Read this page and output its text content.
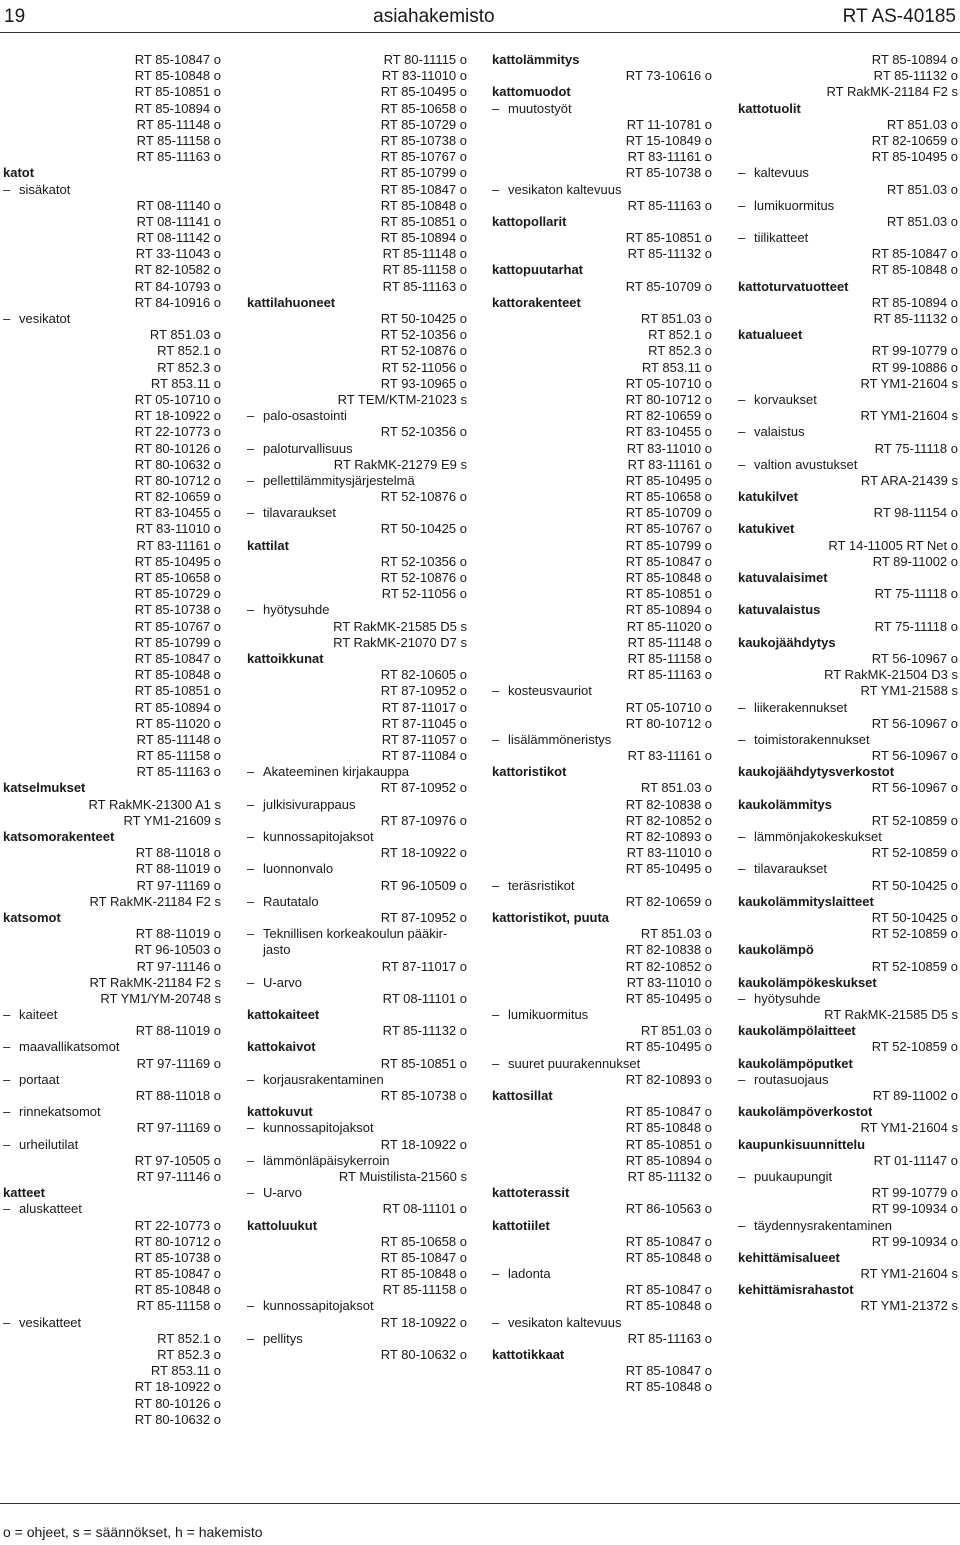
19	asiahakemisto	RT AS-40185
RT 85-10847 o
RT 85-10848 o
RT 85-10851 o
RT 85-10894 o
RT 85-11148 o
RT 85-11158 o
RT 85-11163 o
katot
– sisäkatot
RT 08-11140 o
RT 08-11141 o
RT 08-11142 o
RT 33-11043 o
RT 82-10582 o
RT 84-10793 o
RT 84-10916 o
– vesikatot
RT 851.03 o
RT 852.1 o
RT 852.3 o
RT 853.11 o
RT 05-10710 o
RT 18-10922 o
RT 22-10773 o
RT 80-10126 o
RT 80-10632 o
RT 80-10712 o
RT 82-10659 o
RT 83-10455 o
RT 83-11010 o
RT 83-11161 o
RT 85-10495 o
RT 85-10658 o
RT 85-10729 o
RT 85-10738 o
RT 85-10767 o
RT 85-10799 o
RT 85-10847 o
RT 85-10848 o
RT 85-10851 o
RT 85-10894 o
RT 85-11020 o
RT 85-11148 o
RT 85-11158 o
RT 85-11163 o
katselmukset
RT RakMK-21300 A1 s
RT YM1-21609 s
katsomorakenteet
RT 88-11018 o
RT 88-11019 o
RT 97-11169 o
RT RakMK-21184 F2 s
katsomot
RT 88-11019 o
RT 96-10503 o
RT 97-11146 o
RT RakMK-21184 F2 s
RT YM1/YM-20748 s
– kaiteet
RT 88-11019 o
– maavallikatsomot
RT 97-11169 o
– portaat
RT 88-11018 o
– rinnekatsomot
RT 97-11169 o
– urheilutilat
RT 97-10505 o
RT 97-11146 o
katteet
– aluskatteet
RT 22-10773 o
RT 80-10712 o
RT 85-10738 o
RT 85-10847 o
RT 85-10848 o
RT 85-11158 o
– vesikatteet
RT 852.1 o
RT 852.3 o
RT 853.11 o
RT 18-10922 o
RT 80-10126 o
RT 80-10632 o
RT 80-11115 o
RT 83-11010 o
RT 85-10495 o
RT 85-10658 o
RT 85-10729 o
RT 85-10738 o
RT 85-10767 o
RT 85-10799 o
RT 85-10847 o
RT 85-10848 o
RT 85-10851 o
RT 85-10894 o
RT 85-11148 o
RT 85-11158 o
RT 85-11163 o
kattilahuoneet
RT 50-10425 o
RT 52-10356 o
RT 52-10876 o
RT 52-11056 o
RT 93-10965 o
RT TEM/KTM-21023 s
– palo-osastointi
RT 52-10356 o
– paloturvallisuus
RT RakMK-21279 E9 s
– pellettilämmitysjärjestelmä
RT 52-10876 o
– tilavaraukset
RT 50-10425 o
kattilat
RT 52-10356 o
RT 52-10876 o
RT 52-11056 o
– hyötysuhde
RT RakMK-21585 D5 s
RT RakMK-21070 D7 s
kattoikkunat
RT 82-10605 o
RT 87-10952 o
RT 87-11017 o
RT 87-11045 o
RT 87-11057 o
RT 87-11084 o
– Akateeminen kirjakauppa
RT 87-10952 o
– julkisivurappaus
RT 87-10976 o
– kunnossapitojaksot
RT 18-10922 o
– luonnonvalo
RT 96-10509 o
– Rautatalo
RT 87-10952 o
– Teknillisen korkeakoulun pääkir-
jasto
RT 87-11017 o
– U-arvo
RT 08-11101 o
kattokaiteet
RT 85-11132 o
kattokaivot
RT 85-10851 o
– korjausrakentaminen
RT 85-10738 o
kattokuvut
– kunnossapitojaksot
RT 18-10922 o
– lämmönläpäisykerroin
RT Muistilista-21560 s
– U-arvo
RT 08-11101 o
kattoluukut
RT 85-10658 o
RT 85-10847 o
RT 85-10848 o
RT 85-11158 o
– kunnossapitojaksot
RT 18-10922 o
– pellitys
RT 80-10632 o
kattolämmitys
RT 73-10616 o
kattomuodot
– muutostyöt
RT 11-10781 o
RT 15-10849 o
RT 83-11161 o
RT 85-10738 o
– vesikaton kaltevuus
RT 85-11163 o
kattopollarit
RT 85-10851 o
RT 85-11132 o
kattopuutarhat
RT 85-10709 o
kattorakenteet
RT 851.03 o
RT 852.1 o
RT 852.3 o
RT 853.11 o
RT 05-10710 o
RT 80-10712 o
RT 82-10659 o
RT 83-10455 o
RT 83-11010 o
RT 83-11161 o
RT 85-10495 o
RT 85-10658 o
RT 85-10709 o
RT 85-10767 o
RT 85-10799 o
RT 85-10847 o
RT 85-10848 o
RT 85-10851 o
RT 85-10894 o
RT 85-11020 o
RT 85-11148 o
RT 85-11158 o
RT 85-11163 o
– kosteusvauriot
RT 05-10710 o
RT 80-10712 o
– lisälämmöneristys
RT 83-11161 o
kattoristikot
RT 851.03 o
RT 82-10838 o
RT 82-10852 o
RT 82-10893 o
RT 83-11010 o
RT 85-10495 o
– teräsristikot
RT 82-10659 o
kattoristikot, puuta
RT 851.03 o
RT 82-10838 o
RT 82-10852 o
RT 83-11010 o
RT 85-10495 o
– lumikuormitus
RT 851.03 o
RT 85-10495 o
– suuret puurakennukset
RT 82-10893 o
kattosillat
RT 85-10847 o
RT 85-10848 o
RT 85-10851 o
RT 85-10894 o
RT 85-11132 o
kattoterassit
RT 86-10563 o
kattotiilet
RT 85-10847 o
RT 85-10848 o
– ladonta
RT 85-10847 o
RT 85-10848 o
– vesikaton kaltevuus
RT 85-11163 o
kattotikkaat
RT 85-10847 o
RT 85-10848 o
RT 85-10894 o
RT 85-11132 o
RT RakMK-21184 F2 s
kattotuolit
RT 851.03 o
RT 82-10659 o
RT 85-10495 o
– kaltevuus
RT 851.03 o
– lumikuormitus
RT 851.03 o
– tiilikatteet
RT 85-10847 o
RT 85-10848 o
kattoturvatuotteet
RT 85-10894 o
RT 85-11132 o
katualueet
RT 99-10779 o
RT 99-10886 o
RT YM1-21604 s
– korvaukset
RT YM1-21604 s
– valaistus
RT 75-11118 o
– valtion avustukset
RT ARA-21439 s
katukilvet
RT 98-11154 o
katukivet
RT 14-11005 RT Net o
RT 89-11002 o
katuvalaisimet
RT 75-11118 o
katuvalaistus
RT 75-11118 o
kaukojäähdytys
RT 56-10967 o
RT RakMK-21504 D3 s
RT YM1-21588 s
– liikerakennukset
RT 56-10967 o
– toimistorakennukset
RT 56-10967 o
kaukojäähdytysverkostot
RT 56-10967 o
kaukolämmitys
RT 52-10859 o
– lämmönjakokeskukset
RT 52-10859 o
– tilavaraukset
RT 50-10425 o
kaukolämmityslaitteet
RT 50-10425 o
RT 52-10859 o
kaukolämpö
RT 52-10859 o
kaukolämpökeskukset
– hyötysuhde
RT RakMK-21585 D5 s
kaukolämpölaitteet
RT 52-10859 o
kaukolämpöputket
– routasuojaus
RT 89-11002 o
kaukolämpöverkostot
RT YM1-21604 s
kaupunkisuunnittelu
RT 01-11147 o
– puukaupungit
RT 99-10779 o
RT 99-10934 o
– täydennysrakentaminen
RT 99-10934 o
kehittämisalueet
RT YM1-21604 s
kehittämisrahastot
RT YM1-21372 s
o = ohjeet, s = säännökset, h = hakemisto
